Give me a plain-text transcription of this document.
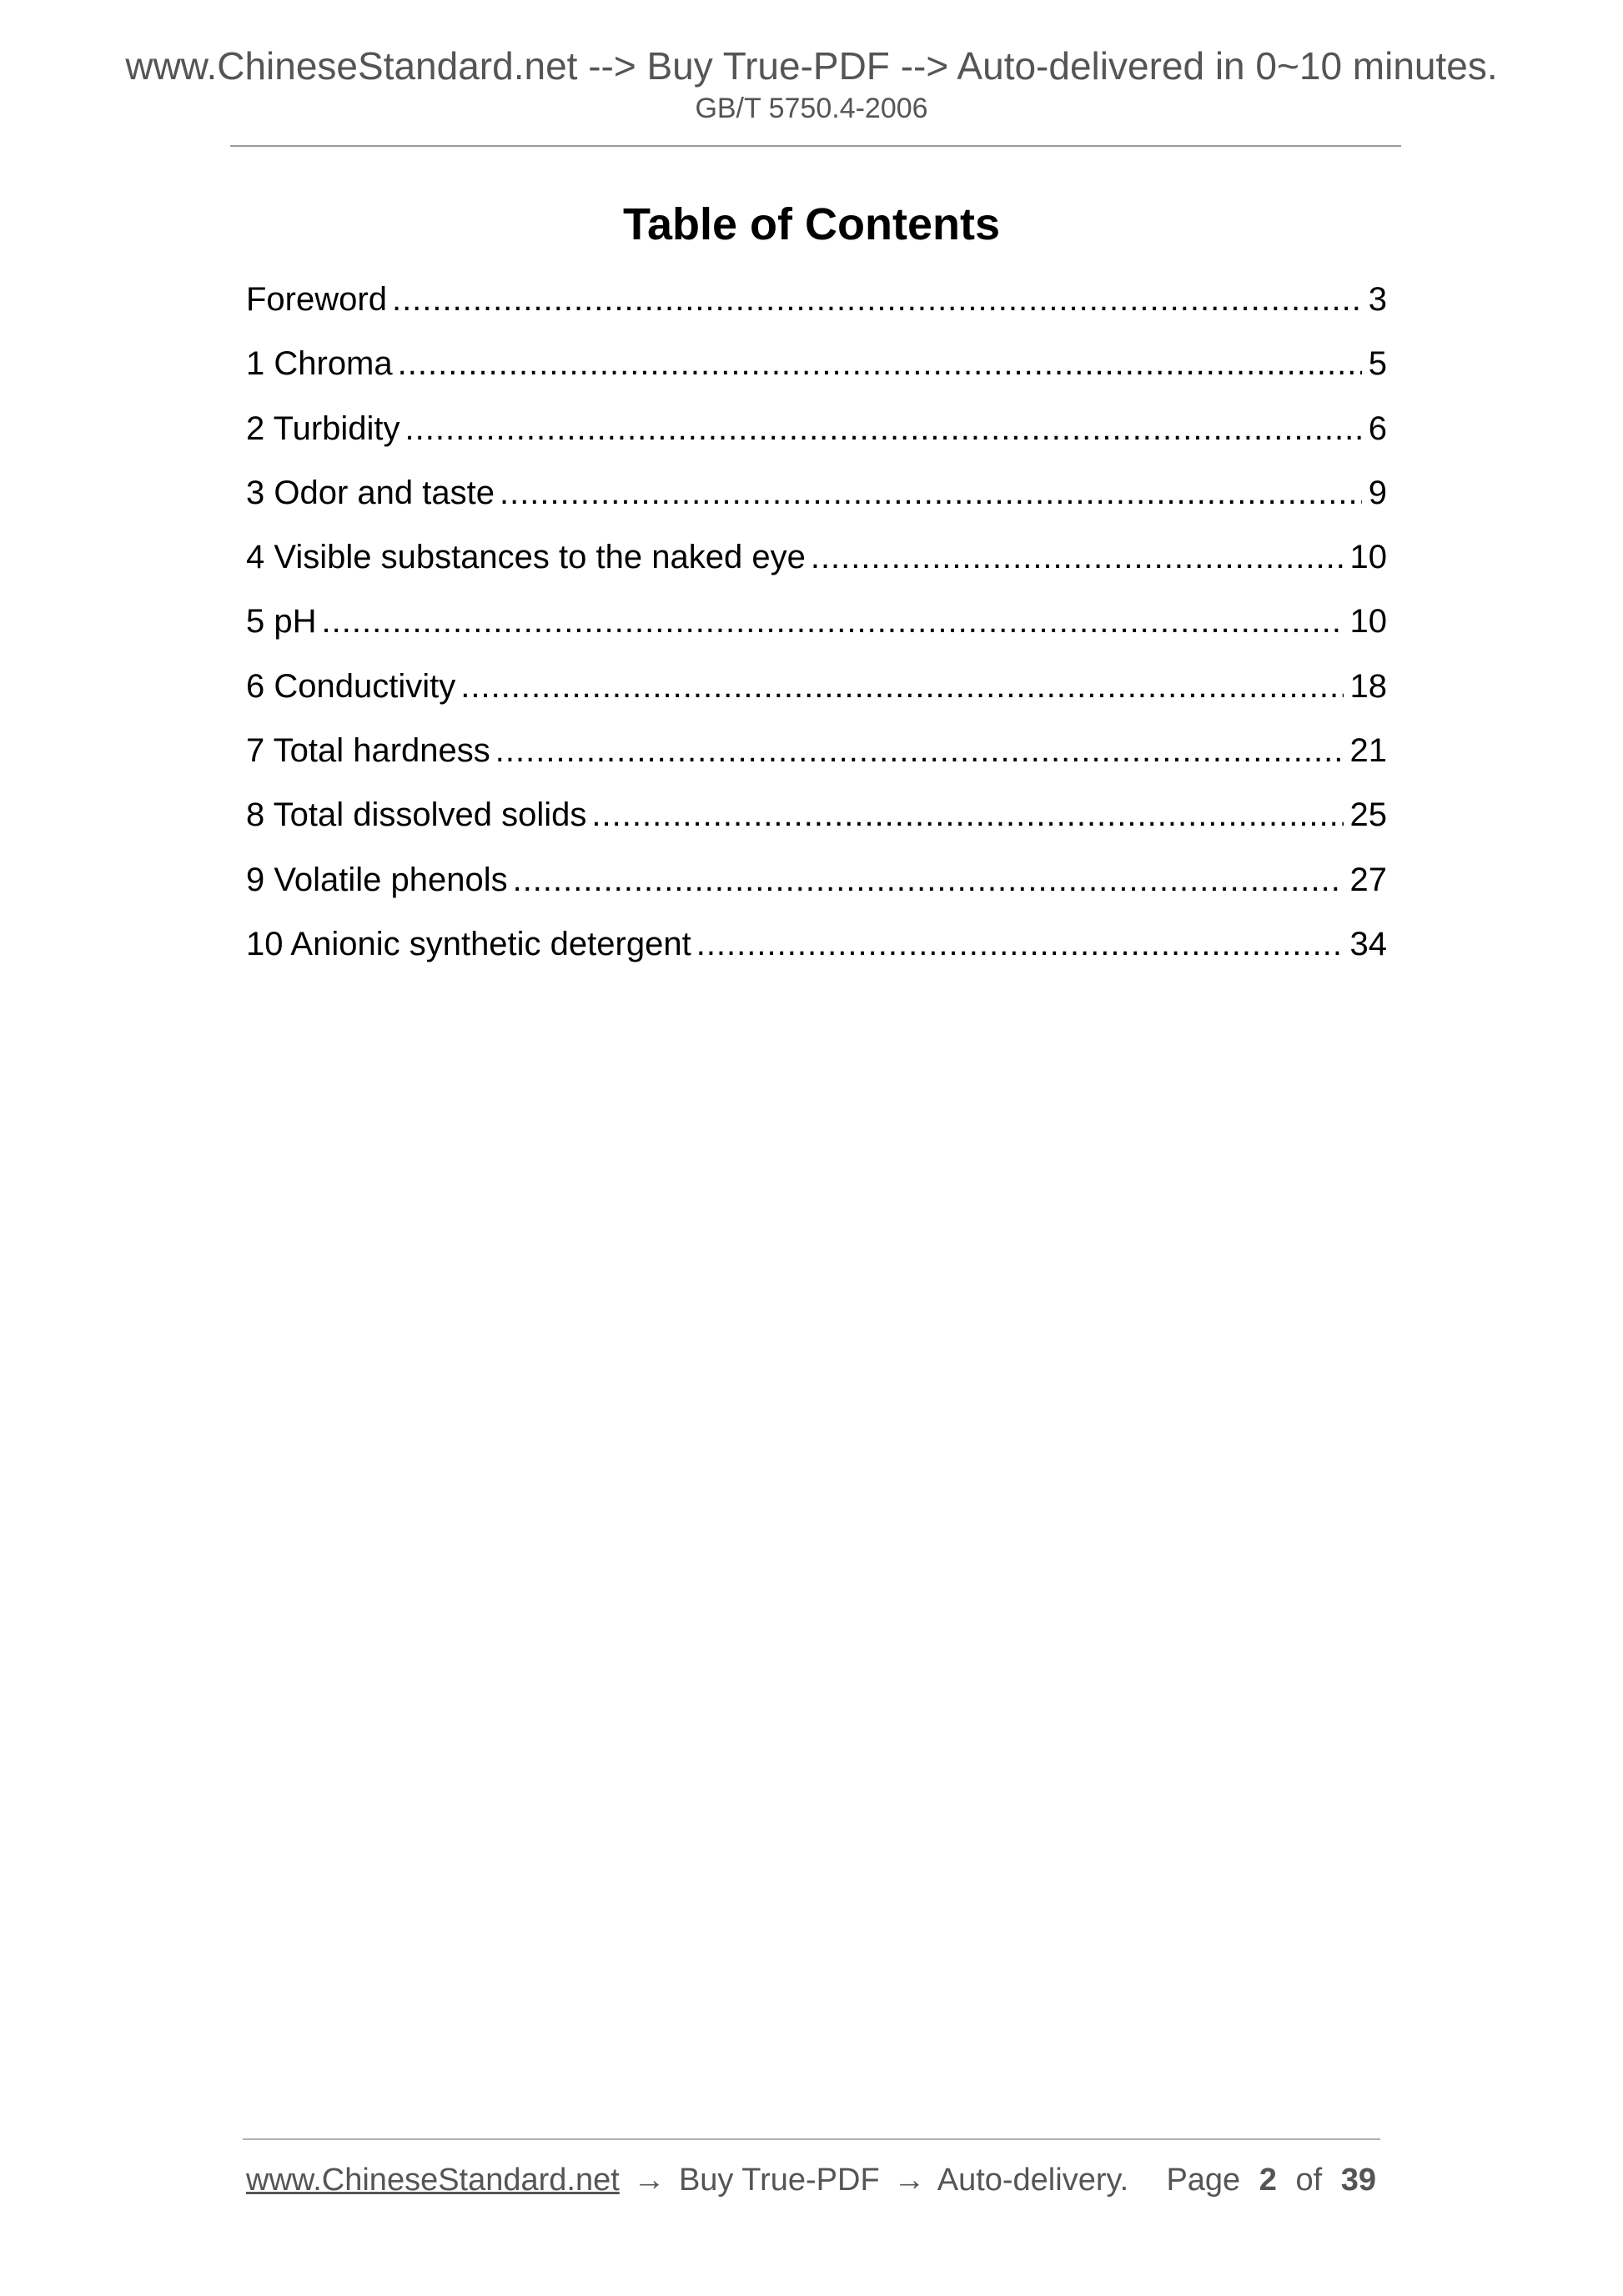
www.ChineseStandard.net --> Buy True-PDF --> Auto-delivered in 0~10 minutes.
GB/T 5750.4-2006
Table of Contents
Foreword .....	3
1 Chroma .....	5
2 Turbidity .....	6
3 Odor and taste .....	9
4 Visible substances to the naked eye .....	10
5 pH .....	10
6 Conductivity .....	18
7 Total hardness .....	21
8 Total dissolved solids .....	25
9 Volatile phenols .....	27
10 Anionic synthetic detergent .....	34
www.ChineseStandard.net → Buy True-PDF → Auto-delivery. Page 2 of 39
